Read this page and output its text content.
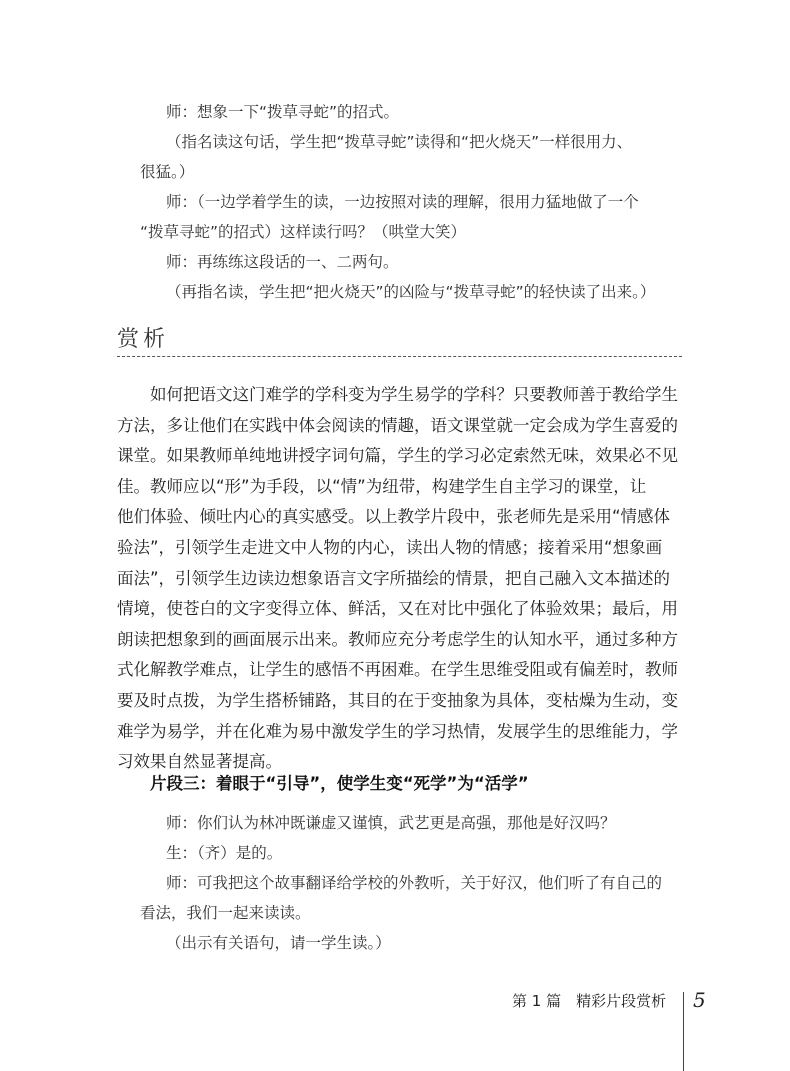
师：想象一下“拨草寻蛇”的招式。

（指名读这句话，学生把“拨草寻蛇”读得和“把火烧天”一样很用力、

很猛。）

师：（一边学着学生的读，一边按照对读的理解，很用力猛地做了一个

“拨草寻蛇”的招式）这样读行吗？（哄堂大笑）

师：再练练这段话的一、二两句。

（再指名读，学生把“把火烧天”的凶险与“拨草寻蛇”的轻快读了出来。）

赏析

如何把语文这门难学的学科变为学生易学的学科？只要教师善于教给学生

方法，多让他们在实践中体会阅读的情趣，语文课堂就一定会成为学生喜爱的

课堂。如果教师单纯地讲授字词句篇，学生的学习必定索然无味，效果必不见

佳。教师应以“形”为手段，以“情”为纽带，构建学生自主学习的课堂，让

他们体验、倾吐内心的真实感受。以上教学片段中，张老师先是采用“情感体

验法”，引领学生走进文中人物的内心，读出人物的情感；接着采用“想象画

面法”，引领学生边读边想象语言文字所描绘的情景，把自己融入文本描述的

情境，使苍白的文字变得立体、鲜活，又在对比中强化了体验效果；最后，用

朗读把想象到的画面展示出来。教师应充分考虑学生的认知水平，通过多种方

式化解教学难点，让学生的感悟不再困难。在学生思维受阻或有偏差时，教师

要及时点拨，为学生搭桥铺路，其目的在于变抽象为具体，变枯燥为生动，变

难学为易学，并在化难为易中激发学生的学习热情，发展学生的思维能力，学

习效果自然显著提高。

片段三：着眼于“引导”，使学生变“死学”为“活学”

师：你们认为林冲既谦虚又谨慎，武艺更是高强，那他是好汉吗？

生：（齐）是的。

师：可我把这个故事翻译给学校的外教听，关于好汉，他们听了有自己的

看法，我们一起来读读。

（出示有关语句，请一学生读。）

第 1 篇　精彩片段赏析 5
